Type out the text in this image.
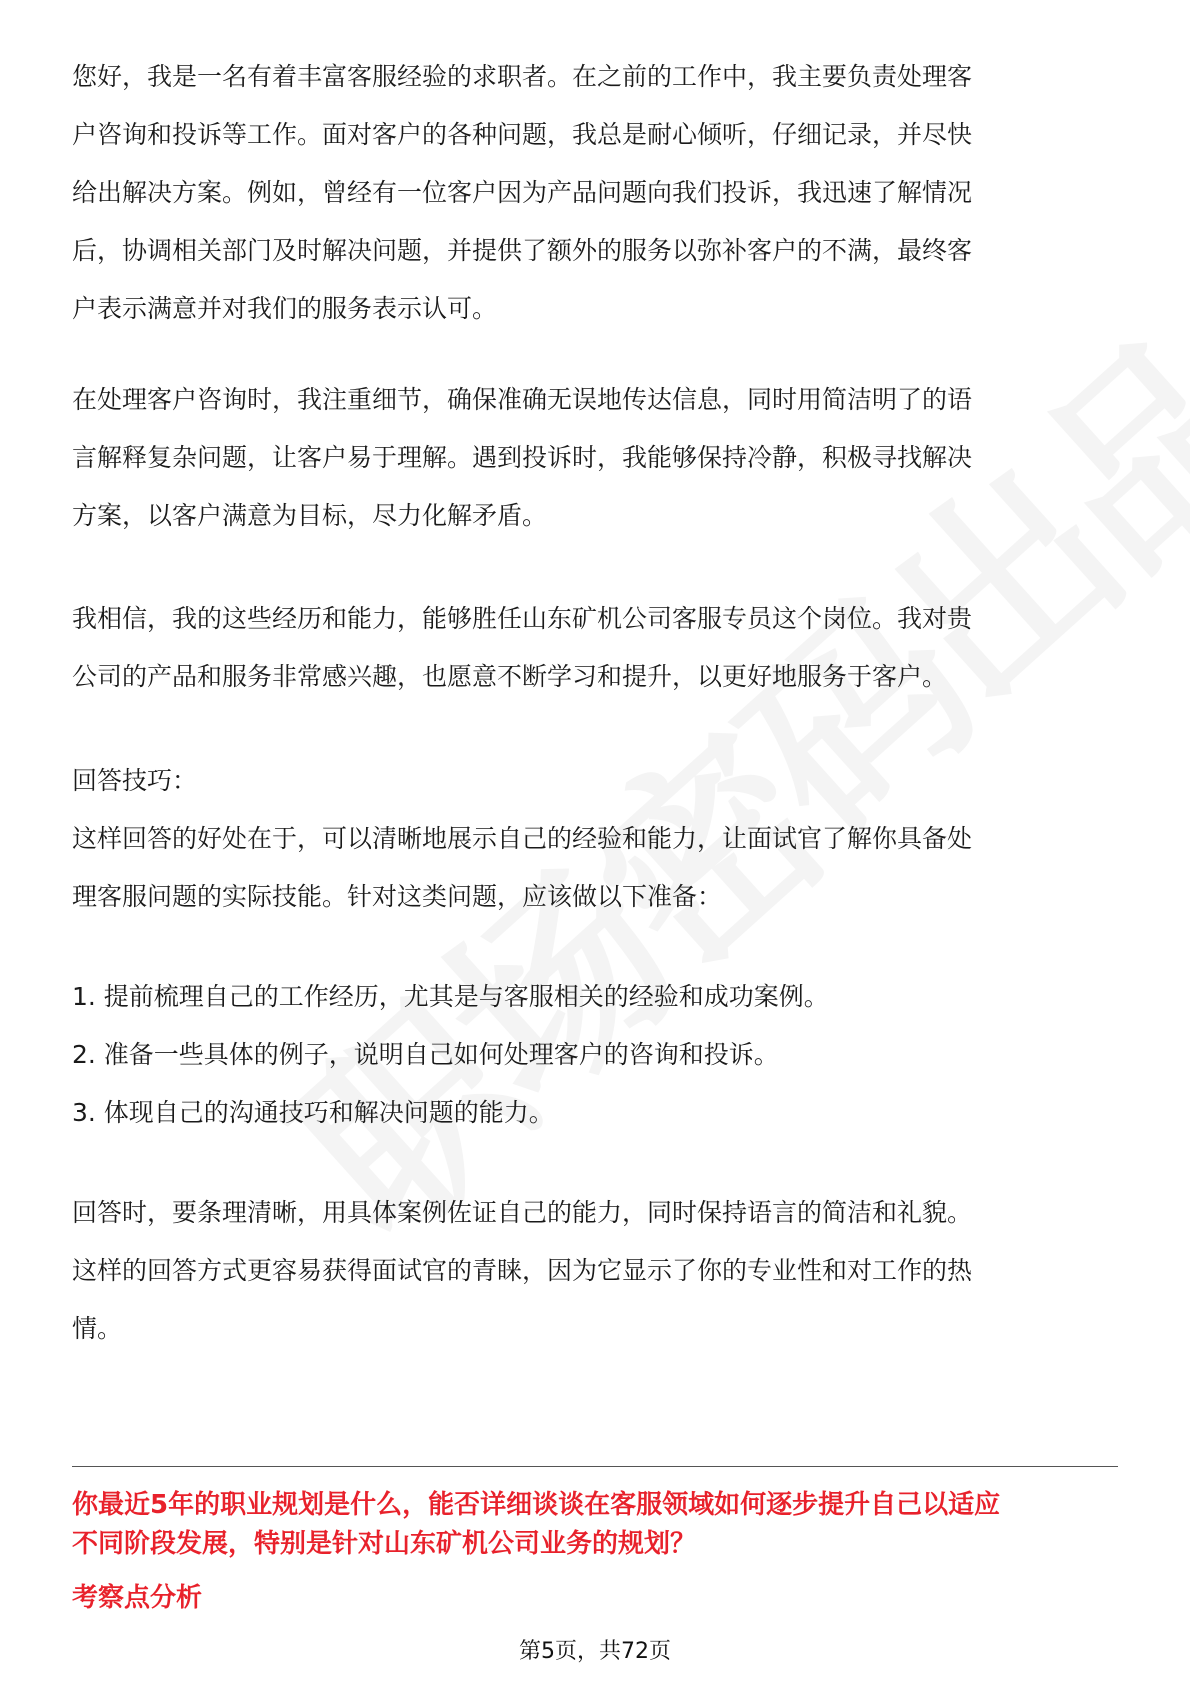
您好，我是一名有着丰富客服经验的求职者。在之前的工作中，我主要负责处理客
户咨询和投诉等工作。面对客户的各种问题，我总是耐心倾听，仔细记录，并尽快
给出解决方案。例如，曾经有一位客户因为产品问题向我们投诉，我迅速了解情况
后，协调相关部门及时解决问题，并提供了额外的服务以弥补客户的不满，最终客
户表示满意并对我们的服务表示认可。

在处理客户咨询时，我注重细节，确保准确无误地传达信息，同时用简洁明了的语
言解释复杂问题，让客户易于理解。遇到投诉时，我能够保持冷静，积极寻找解决
方案，以客户满意为目标，尽力化解矛盾。

我相信，我的这些经历和能力，能够胜任山东矿机公司客服专员这个岗位。我对贵
公司的产品和服务非常感兴趣，也愿意不断学习和提升，以更好地服务于客户。

回答技巧：
这样回答的好处在于，可以清晰地展示自己的经验和能力，让面试官了解你具备处
理客服问题的实际技能。针对这类问题，应该做以下准备：

1. 提前梳理自己的工作经历，尤其是与客服相关的经验和成功案例。
2. 准备一些具体的例子，说明自己如何处理客户的咨询和投诉。
3. 体现自己的沟通技巧和解决问题的能力。

回答时，要条理清晰，用具体案例佐证自己的能力，同时保持语言的简洁和礼貌。
这样的回答方式更容易获得面试官的青睐，因为它显示了你的专业性和对工作的热
情。

你最近5年的职业规划是什么，能否详细谈谈在客服领域如何逐步提升自己以适应
不同阶段发展，特别是针对山东矿机公司业务的规划？

考察点分析

第5页，共72页
